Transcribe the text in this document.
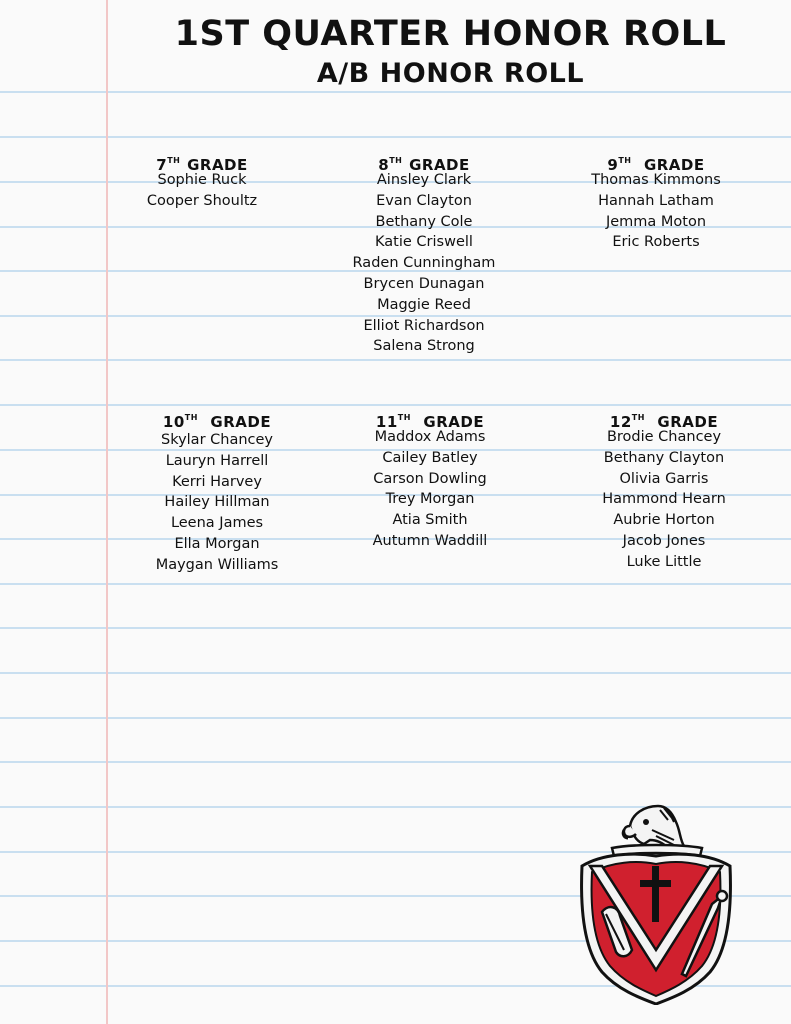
1ST QUARTER HONOR ROLL
A/B HONOR ROLL
7TH GRADE
Sophie Ruck
Cooper Shoultz
8TH GRADE
Ainsley Clark
Evan Clayton
Bethany Cole
Katie Criswell
Raden Cunningham
Brycen Dunagan
Maggie Reed
Elliot Richardson
Salena Strong
9TH GRADE
Thomas Kimmons
Hannah Latham
Jemma Moton
Eric Roberts
10TH GRADE
Skylar Chancey
Lauryn Harrell
Kerri Harvey
Hailey Hillman
Leena James
Ella Morgan
Maygan Williams
11TH GRADE
Maddox Adams
Cailey Batley
Carson Dowling
Trey Morgan
Atia Smith
Autumn Waddill
12TH GRADE
Brodie Chancey
Bethany Clayton
Olivia Garris
Hammond Hearn
Aubrie Horton
Jacob Jones
Luke Little
